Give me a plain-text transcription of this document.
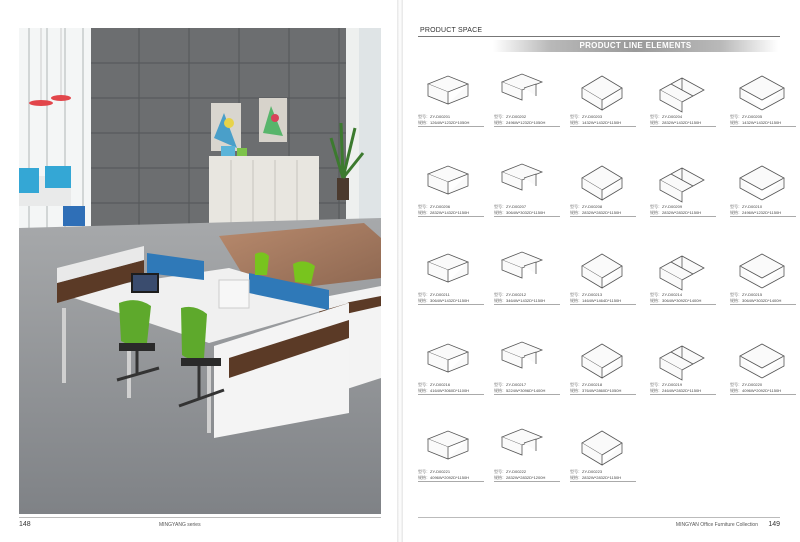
148	MINGYANG series
PRODUCT SPACE
PRODUCT LINE ELEMENTS
型号：ZY-D00201
规格：1264W*1232D*1050H
型号：ZY-D00202
规格：2496W*1232D*1050H
型号：ZY-D00203
规格：1432W*1432D*1150H
型号：ZY-D00204
规格：2832W*1432D*1150H
型号：ZY-D00205
规格：1432W*1432D*1150H
型号：ZY-D00206
规格：2832W*1432D*1150H
型号：ZY-D00207
规格：3064W*3032D*1150H
型号：ZY-D00208
规格：2832W*2832D*1150H
型号：ZY-D00209
规格：2832W*2832D*1150H
型号：ZY-D00210
规格：2496W*1232D*1150H
型号：ZY-D00211
规格：3064W*1432D*1150H
型号：ZY-D00212
规格：3464W*1432D*1150H
型号：ZY-D00213
规格：1464W*1464D*1150H
型号：ZY-D00214
规格：3064W*3092D*1400H
型号：ZY-D00215
规格：3064W*3032D*1400H
型号：ZY-D00216
规格：4164W*3060D*1100H
型号：ZY-D00217
规格：5224W*3096D*1400H
型号：ZY-D00218
规格：3764W*2860D*1050H
型号：ZY-D00219
规格：2464W*2832D*1150H
型号：ZY-D00220
规格：4096W*2092D*1150H
型号：ZY-D00221
规格：4096W*2092D*1150H
型号：ZY-D00222
规格：2832W*2832D*1200H
型号：ZY-D00223
规格：2832W*2832D*1150H
MINGYAN Office Furniture Collection 149
